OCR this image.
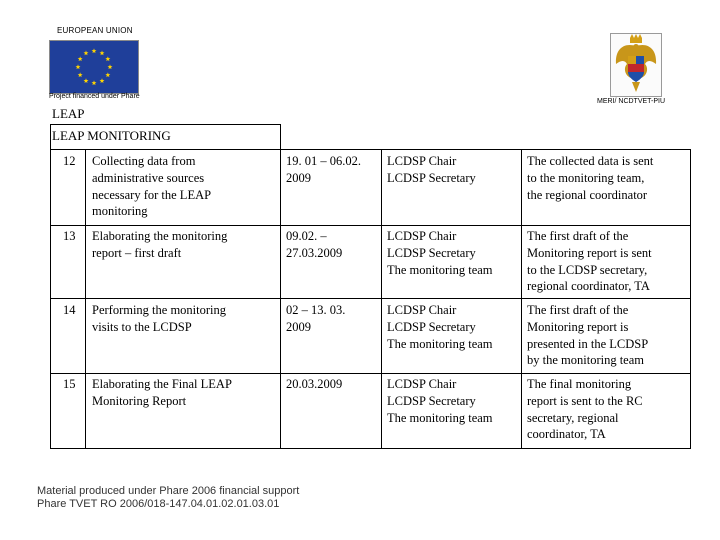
EUROPEAN UNION
Project financed under Phare
MERI/ NCDTVET-PIU
LEAP
LEAP MONITORING
12 Collecting data from
administrative sources
necessary for the LEAP
monitoring
19. 01 – 06.02.
2009
LCDSP Chair
LCDSP Secretary
The collected data is sent
to the monitoring team,
the regional coordinator
13 Elaborating the monitoring
report – first draft
09.02. –
27.03.2009
LCDSP Chair
LCDSP Secretary
The monitoring team
The first draft of the
Monitoring report is sent
to the LCDSP secretary,
regional coordinator, TA
14 Performing the monitoring
visits to the LCDSP
02 – 13. 03.
2009
LCDSP Chair
LCDSP Secretary
The monitoring team
The first draft of the
Monitoring report is
presented in the LCDSP
by the monitoring team
15 Elaborating the Final LEAP
Monitoring Report
20.03.2009	LCDSP Chair
LCDSP Secretary
The monitoring team
The final monitoring
report is sent to the RC
secretary, regional
coordinator, TA
Material produced under Phare 2006 financial support
Phare TVET RO 2006/018-147.04.01.02.01.03.01
